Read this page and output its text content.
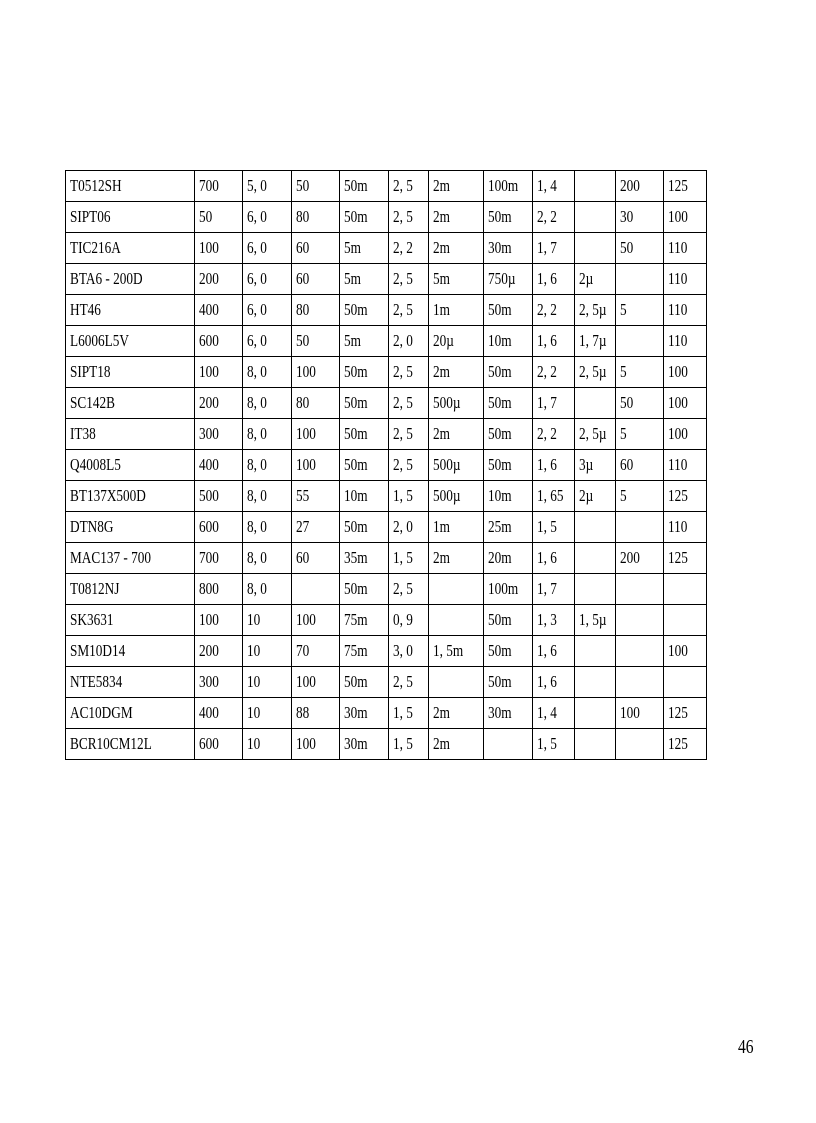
T0512SH	700	5, 0	50	50m	2, 5	2m	100m	1, 4		200	125
SIPT06	50	6, 0	80	50m	2, 5	2m	50m	2, 2		30	100
TIC216A	100	6, 0	60	5m	2, 2	2m	30m	1, 7		50	110
BTA6 - 200D	200	6, 0	60	5m	2, 5	5m	750µ	1, 6	2µ		110
HT46	400	6, 0	80	50m	2, 5	1m	50m	2, 2	2, 5µ	5	110
L6006L5V	600	6, 0	50	5m	2, 0	20µ	10m	1, 6	1, 7µ		110
SIPT18	100	8, 0	100	50m	2, 5	2m	50m	2, 2	2, 5µ	5	100
SC142B	200	8, 0	80	50m	2, 5	500µ	50m	1, 7		50	100
IT38	300	8, 0	100	50m	2, 5	2m	50m	2, 2	2, 5µ	5	100
Q4008L5	400	8, 0	100	50m	2, 5	500µ	50m	1, 6	3µ	60	110
BT137X500D	500	8, 0	55	10m	1, 5	500µ	10m	1, 65	2µ	5	125
DTN8G	600	8, 0	27	50m	2, 0	1m	25m	1, 5			110
MAC137 - 700	700	8, 0	60	35m	1, 5	2m	20m	1, 6		200	125
T0812NJ	800	8, 0		50m	2, 5		100m	1, 7			
SK3631	100	10	100	75m	0, 9		50m	1, 3	1, 5µ		
SM10D14	200	10	70	75m	3, 0	1, 5m	50m	1, 6			100
NTE5834	300	10	100	50m	2, 5		50m	1, 6			
AC10DGM	400	10	88	30m	1, 5	2m	30m	1, 4		100	125
BCR10CM12L	600	10	100	30m	1, 5	2m		1, 5			125
46
